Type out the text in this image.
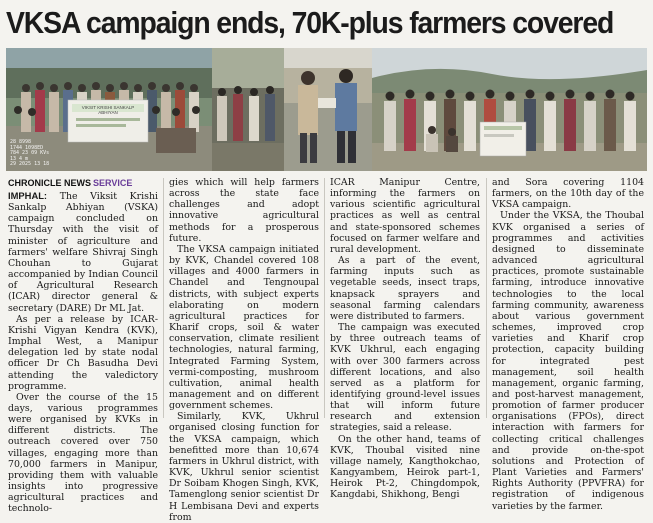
VKSA campaign ends, 70K-plus farmers covered
VIKSIT KRISHI SANKALP ABHIYAN
28 8998
1744 1098ED
784 23 09 KVs
13 4 m
29 2025 13 18
CHRONICLE NEWS SERVICE

IMPHAL: The Viksit Krishi Sankalp Abhiyan (VSKA) campaign concluded on Thursday with the visit of minister of agriculture and farmers' welfare Shivraj Singh Chouhan to Gujarat accompanied by Indian Council of Agricultural Research (ICAR) director general & secretary (DARE) Dr ML Jat.

As per a release by ICAR-Krishi Vigyan Kendra (KVK), Imphal West, a Manipur delegation led by state nodal officer Dr Ch Basudha Devi attending the valedictory programme.

Over the course of the 15 days, various programmes were organised by KVKs in different districts. The outreach covered over 750 villages, engaging more than 70,000 farmers in Manipur, providing them with valuable insights into progressive agricultural practices and technolo-

gies which will help farmers across the state face challenges and adopt innovative agricultural methods for a prosperous future.

The VKSA campaign initiated by KVK, Chandel covered 108 villages and 4000 farmers in Chandel and Tengnoupal districts, with subject experts elaborating on modern agricultural practices for Kharif crops, soil & water conservation, climate resilient technologies, natural farming, Integrated Farming System, vermi-composting, mushroom cultivation, animal health management and on different government schemes.

Similarly, KVK, Ukhrul organised closing function for the VKSA campaign, which benefitted more than 10,674 farmers in Ukhrul district, with KVK, Ukhrul senior scientist Dr Soibam Khogen Singh, KVK, Tamenglong senior scientist Dr H Lembisana Devi and experts from

ICAR Manipur Centre, informing the farmers on various scientific agricultural practices as well as central and state-sponsored schemes focused on farmer welfare and rural development.

As a part of the event, farming inputs such as vegetable seeds, insect traps, knapsack sprayers and seasonal farming calendars were distributed to farmers.

The campaign was executed by three outreach teams of KVK Ukhrul, each engaging with over 300 farmers across different locations, and also served as a platform for identifying ground-level issues that will inform future research and extension strategies, said a release.

On the other hand, teams of KVK, Thoubal visited nine village namely, Kangthokchao, Kangyambem, Heirok part-1, Heirok Pt-2, Chingdompok, Kangdabi, Shikhong, Bengi

and Sora covering 1104 farmers, on the 10th day of the VKSA campaign.

Under the VKSA, the Thoubal KVK organised a series of programmes and activities designed to disseminate advanced agricultural practices, promote sustainable farming, introduce innovative technologies to the local farming community, awareness about various government schemes, improved crop varieties and Kharif crop protection, capacity building for integrated pest management, soil health management, organic farming, and post-harvest management, promotion of farmer producer organisations (FPOs), direct interaction with farmers for collecting critical challenges and provide on-the-spot solutions and Protection of Plant Varieties and Farmers' Rights Authority (PPVFRA) for registration of indigenous varieties by the farmer.
